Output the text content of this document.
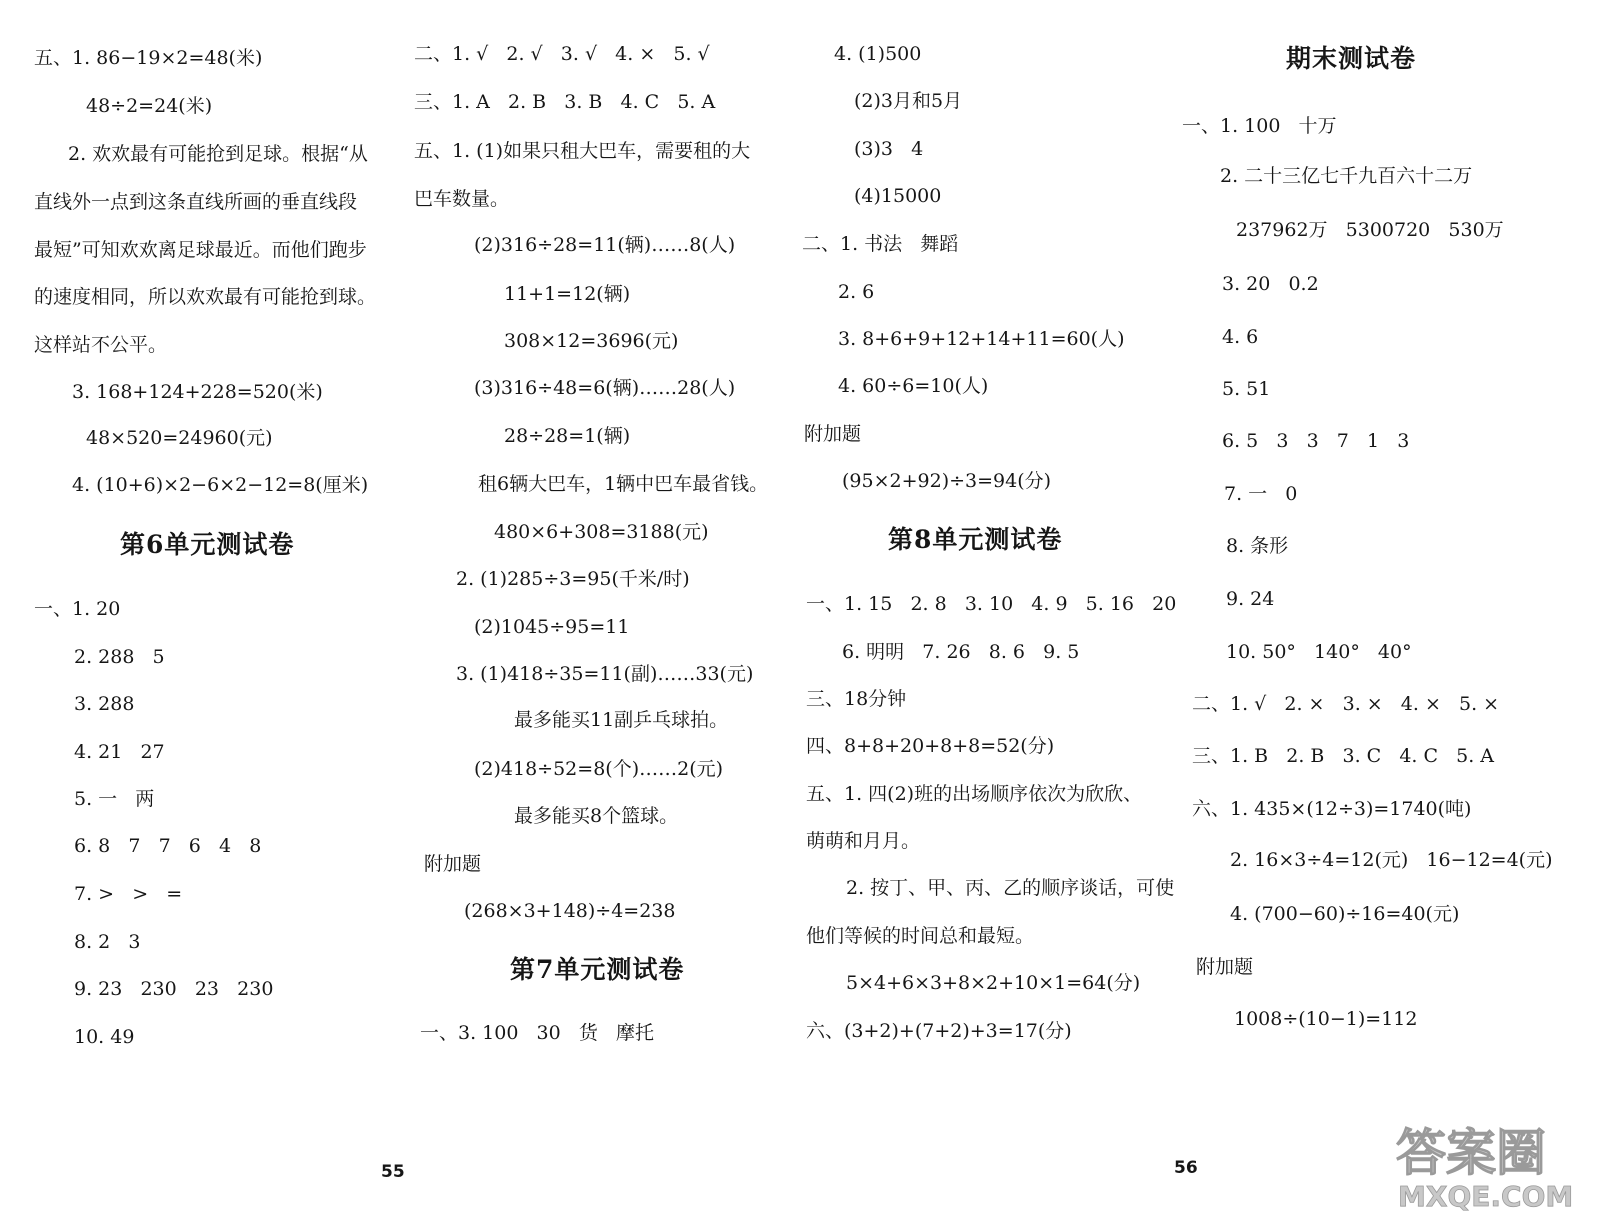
五、1. 86−19×2=48(米)
48÷2=24(米)
2. 欢欢最有可能抢到足球。根据“从
直线外一点到这条直线所画的垂直线段
最短”可知欢欢离足球最近。而他们跑步
的速度相同，所以欢欢最有可能抢到球。
这样站不公平。
3. 168+124+228=520(米)
48×520=24960(元)
4. (10+6)×2−6×2−12=8(厘米)
第6单元测试卷
一、1. 20
2. 288   5
3. 288
4. 21   27
5. 一   两
6. 8   7   7   6   4   8
7. >   >   =
8. 2   3
9. 23   230   23   230
10. 49
二、1. √   2. √   3. √   4. ×   5. √
三、1. A   2. B   3. B   4. C   5. A
五、1. (1)如果只租大巴车，需要租的大
巴车数量。
(2)316÷28=11(辆)……8(人)
11+1=12(辆)
308×12=3696(元)
(3)316÷48=6(辆)……28(人)
28÷28=1(辆)
租6辆大巴车，1辆中巴车最省钱。
480×6+308=3188(元)
2. (1)285÷3=95(千米/时)
(2)1045÷95=11
3. (1)418÷35=11(副)……33(元)
最多能买11副乒乓球拍。
(2)418÷52=8(个)……2(元)
最多能买8个篮球。
附加题
(268×3+148)÷4=238
第7单元测试卷
一、3. 100   30   货   摩托
55
4. (1)500
(2)3月和5月
(3)3   4
(4)15000
二、1. 书法   舞蹈
2. 6
3. 8+6+9+12+14+11=60(人)
4. 60÷6=10(人)
附加题
(95×2+92)÷3=94(分)
第8单元测试卷
一、1. 15   2. 8   3. 10   4. 9   5. 16   20
6. 明明   7. 26   8. 6   9. 5
三、18分钟
四、8+8+20+8+8=52(分)
五、1. 四(2)班的出场顺序依次为欣欣、
萌萌和月月。
2. 按丁、甲、丙、乙的顺序谈话，可使
他们等候的时间总和最短。
5×4+6×3+8×2+10×1=64(分)
六、(3+2)+(7+2)+3=17(分)
期末测试卷
一、1. 100   十万
2. 二十三亿七千九百六十二万
237962万   5300720   530万
3. 20   0.2
4. 6
5. 51
6. 5   3   3   7   1   3
7. 一   0
8. 条形
9. 24
10. 50°   140°   40°
二、1. √   2. ×   3. ×   4. ×   5. ×
三、1. B   2. B   3. C   4. C   5. A
六、1. 435×(12÷3)=1740(吨)
2. 16×3÷4=12(元)   16−12=4(元)
4. (700−60)÷16=40(元)
附加题
1008÷(10−1)=112
56	答案圈
MXQE.COM
